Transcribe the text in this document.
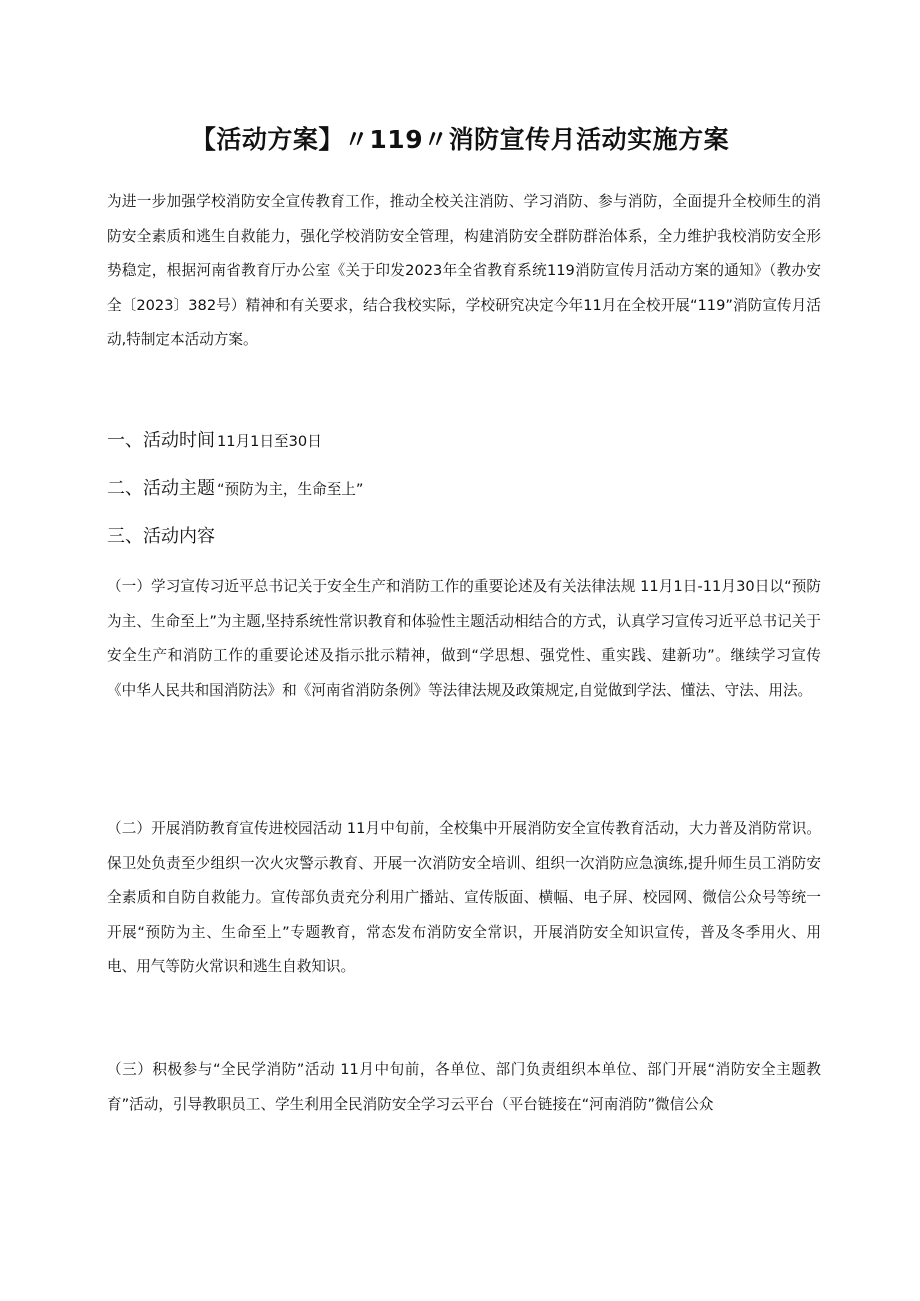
【活动方案】〃119〃消防宣传月活动实施方案

为进一步加强学校消防安全宣传教育工作，推动全校关注消防、学习消防、参与消防，全面提升全校师生的消防安全素质和逃生自救能力，强化学校消防安全管理，构建消防安全群防群治体系，全力维护我校消防安全形势稳定，根据河南省教育厅办公室《关于印发2023年全省教育系统119消防宣传月活动方案的通知》（教办安全〔2023〕382号）精神和有关要求，结合我校实际，学校研究决定今年11月在全校开展“119”消防宣传月活动,特制定本活动方案。

一、活动时间 11月1日至30日

二、活动主题 “预防为主，生命至上”

三、活动内容

（一）学习宣传习近平总书记关于安全生产和消防工作的重要论述及有关法律法规 11月1日-11月30日以“预防为主、生命至上”为主题,坚持系统性常识教育和体验性主题活动相结合的方式，认真学习宣传习近平总书记关于安全生产和消防工作的重要论述及指示批示精神，做到“学思想、强党性、重实践、建新功”。继续学习宣传《中华人民共和国消防法》和《河南省消防条例》等法律法规及政策规定,自觉做到学法、懂法、守法、用法。

（二）开展消防教育宣传进校园活动 11月中旬前，全校集中开展消防安全宣传教育活动，大力普及消防常识。保卫处负责至少组织一次火灾警示教育、开展一次消防安全培训、组织一次消防应急演练,提升师生员工消防安全素质和自防自救能力。宣传部负责充分利用广播站、宣传版面、横幅、电子屏、校园网、微信公众号等统一开展“预防为主、生命至上”专题教育，常态发布消防安全常识，开展消防安全知识宣传，普及冬季用火、用电、用气等防火常识和逃生自救知识。

（三）积极参与“全民学消防”活动 11月中旬前，各单位、部门负责组织本单位、部门开展“消防安全主题教育”活动，引导教职员工、学生利用全民消防安全学习云平台（平台链接在“河南消防”微信公众
